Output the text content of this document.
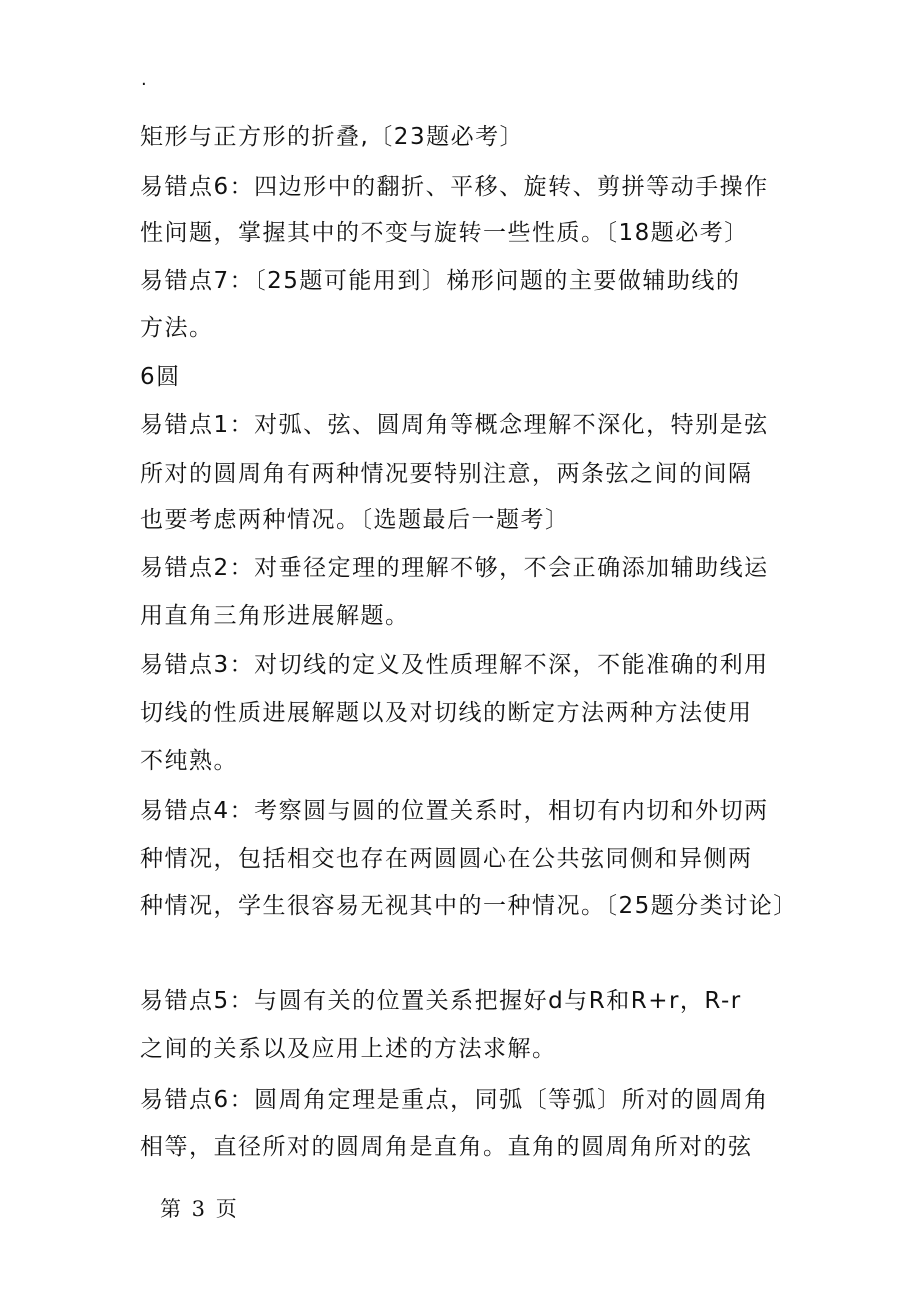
.
矩形与正方形的折叠,〔23题必考〕
易错点6：四边形中的翻折、平移、旋转、剪拼等动手操作
性问题，掌握其中的不变与旋转一些性质。〔18题必考〕
易错点7：〔25题可能用到〕梯形问题的主要做辅助线的
方法。
6圆
易错点1：对弧、弦、圆周角等概念理解不深化，特别是弦
所对的圆周角有两种情况要特别注意，两条弦之间的间隔
也要考虑两种情况。〔选题最后一题考〕
易错点2：对垂径定理的理解不够，不会正确添加辅助线运
用直角三角形进展解题。
易错点3：对切线的定义及性质理解不深，不能准确的利用
切线的性质进展解题以及对切线的断定方法两种方法使用
不纯熟。
易错点4：考察圆与圆的位置关系时，相切有内切和外切两
种情况，包括相交也存在两圆圆心在公共弦同侧和异侧两
种情况，学生很容易无视其中的一种情况。〔25题分类讨论〕
易错点5：与圆有关的位置关系把握好d与R和R+r，R-r
之间的关系以及应用上述的方法求解。
易错点6：圆周角定理是重点，同弧〔等弧〕所对的圆周角
相等，直径所对的圆周角是直角。直角的圆周角所对的弦
第 3 页
